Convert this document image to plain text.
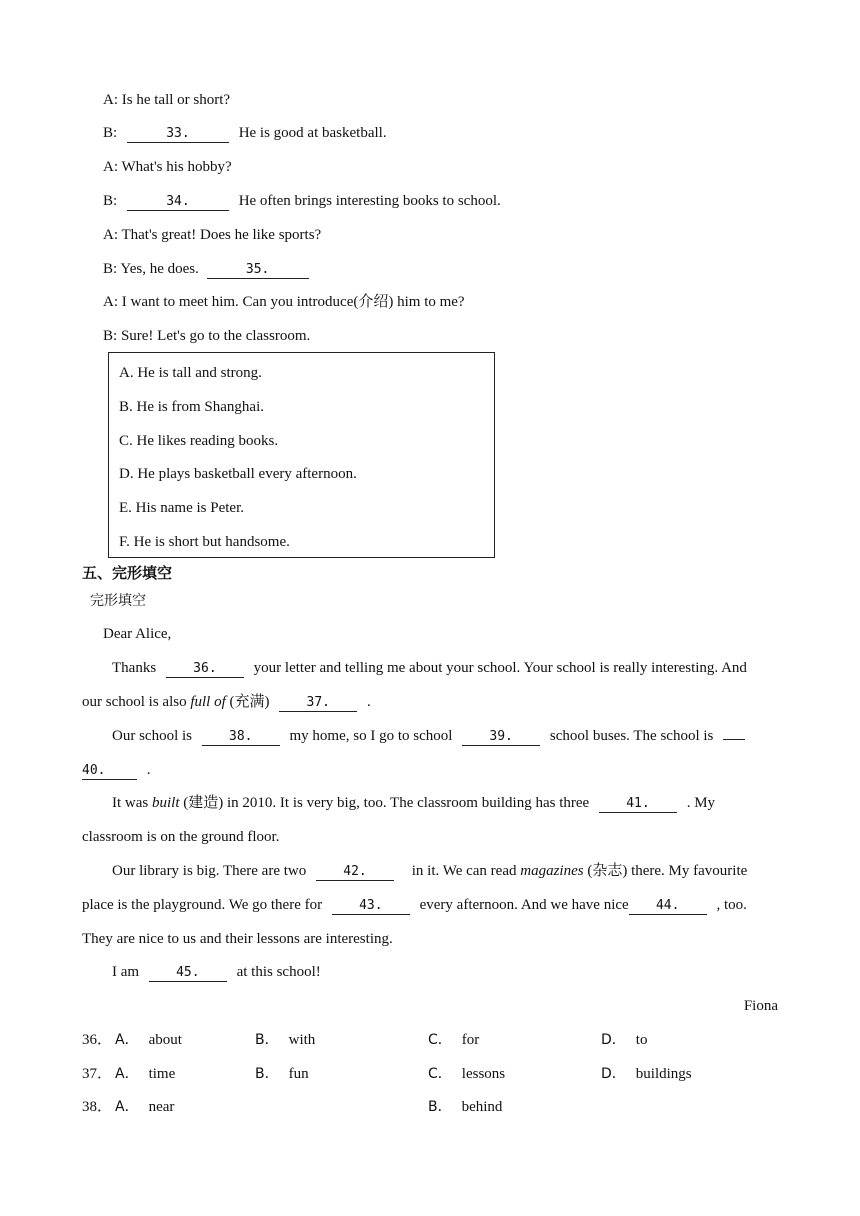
A: Is he tall or short?
B:	33.	He is good at basketball.
A: What's his hobby?
B:	34.	He often brings interesting books to school.
A: That's great! Does he like sports?
B: Yes, he does.	35.
A: I want to meet him. Can you introduce(介绍) him to me?
B: Sure! Let's go to the classroom.
A. He is tall and strong.
B. He is from Shanghai.
C. He likes reading books.
D. He plays basketball every afternoon.
E. His name is Peter.
F. He is short but handsome.
五、完形填空
完形填空
Dear Alice,
Thanks	36. your letter and telling me about your school. Your school is really interesting. And
our school is also full of (充满)	37. .
Our school is	38. my home, so I go to school	39. school buses. The school is
40.	.
It was built (建造) in 2010. It is very big, too. The classroom building has three	41. . My
classroom is on the ground floor.
Our library is big. There are two	42.	in it. We can read magazines (杂志) there. My favourite
place is the playground. We go there for	43. every afternoon. And we have nice 44. , too.
They are nice to us and their lessons are interesting.
I am	45. at this school!
Fiona
36． A． about	B． with	C． for	D． to
37． A． time	B． fun	C． lessons	D． buildings
38． A． near	B． behind
